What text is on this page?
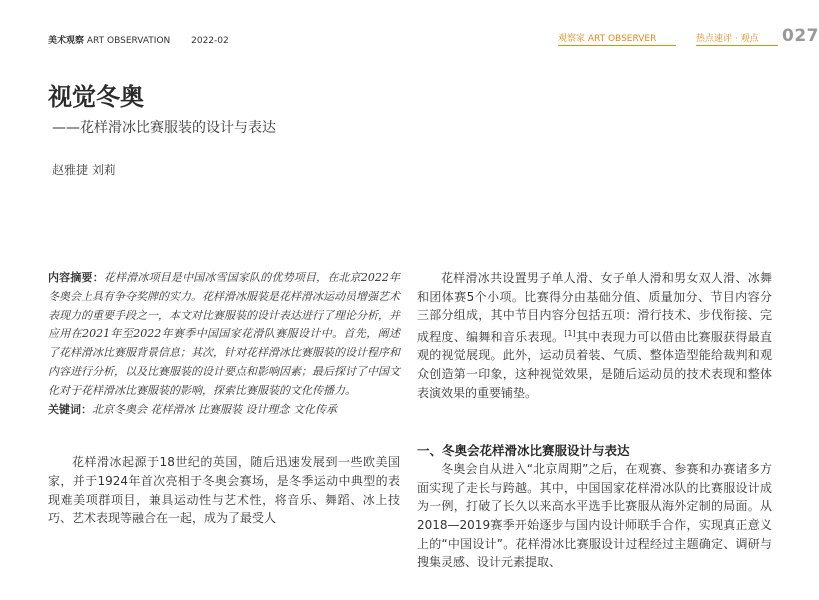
美术观察 ART OBSERVATION 2022-02	观察家 ART OBSERVER	热点速评 · 观点 027
视觉冬奥
——花样滑冰比赛服装的设计与表达
赵雅捷 刘莉

内容摘要：花样滑冰项目是中国冰雪国家队的优势项目，在北京2022年冬奥会上具有争夺奖牌的实力。花样滑冰服装是花样滑冰运动员增强艺术表现力的重要手段之一，本文对比赛服装的设计表达进行了理论分析，并应用在2021年至2022年赛季中国国家花滑队赛服设计中。首先，阐述了花样滑冰比赛服背景信息；其次，针对花样滑冰比赛服装的设计程序和内容进行分析，以及比赛服装的设计要点和影响因素；最后探讨了中国文化对于花样滑冰比赛服装的影响，探索比赛服装的文化传播力。

关键词：北京冬奥会 花样滑冰 比赛服装 设计理念 文化传承

花样滑冰起源于18世纪的英国，随后迅速发展到一些欧美国家，并于1924年首次亮相于冬奥会赛场，是冬季运动中典型的表现难美项群项目，兼具运动性与艺术性，将音乐、舞蹈、冰上技巧、艺术表现等融合在一起，成为了最受人

花样滑冰共设置男子单人滑、女子单人滑和男女双人滑、冰舞和团体赛5个小项。比赛得分由基础分值、质量加分、节目内容分三部分组成，其中节目内容分包括五项：滑行技术、步伐衔接、完成程度、编舞和音乐表现。[1]其中表现力可以借由比赛服获得最直观的视觉展现。此外，运动员着装、气质、整体造型能给裁判和观众创造第一印象，这种视觉效果，是随后运动员的技术表现和整体表演效果的重要铺垫。

一、冬奥会花样滑冰比赛服设计与表达

冬奥会自从进入“北京周期”之后，在观赛、参赛和办赛诸多方面实现了走长与跨越。其中，中国国家花样滑冰队的比赛服设计成为一例，打破了长久以来高水平选手比赛服从海外定制的局面。从2018—2019赛季开始逐步与国内设计师联手合作，实现真正意义上的“中国设计”。花样滑冰比赛服设计过程经过主题确定、调研与搜集灵感、设计元素提取、
